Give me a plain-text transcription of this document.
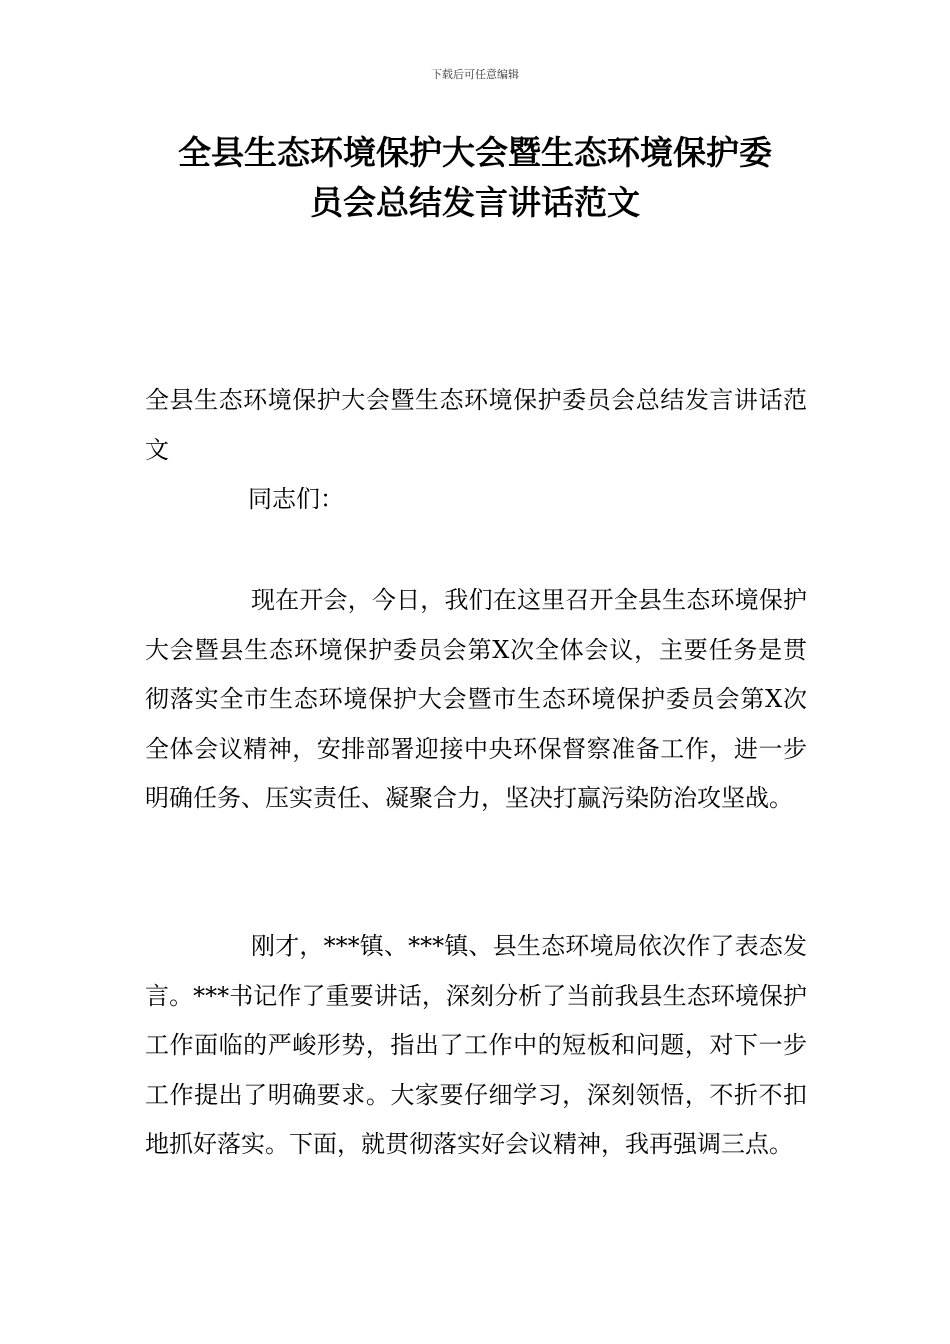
下载后可任意编辑
全县生态环境保护大会暨生态环境保护委
员会总结发言讲话范文

全县生态环境保护大会暨生态环境保护委员会总结发言讲话范文

同志们：

现在开会，今日，我们在这里召开全县生态环境保护大会暨县生态环境保护委员会第X次全体会议，主要任务是贯彻落实全市生态环境保护大会暨市生态环境保护委员会第X次全体会议精神，安排部署迎接中央环保督察准备工作，进一步明确任务、压实责任、凝聚合力，坚决打赢污染防治攻坚战。

刚才，***镇、***镇、县生态环境局依次作了表态发言。***书记作了重要讲话，深刻分析了当前我县生态环境保护工作面临的严峻形势，指出了工作中的短板和问题，对下一步工作提出了明确要求。大家要仔细学习，深刻领悟，不折不扣地抓好落实。下面，就贯彻落实好会议精神，我再强调三点。
